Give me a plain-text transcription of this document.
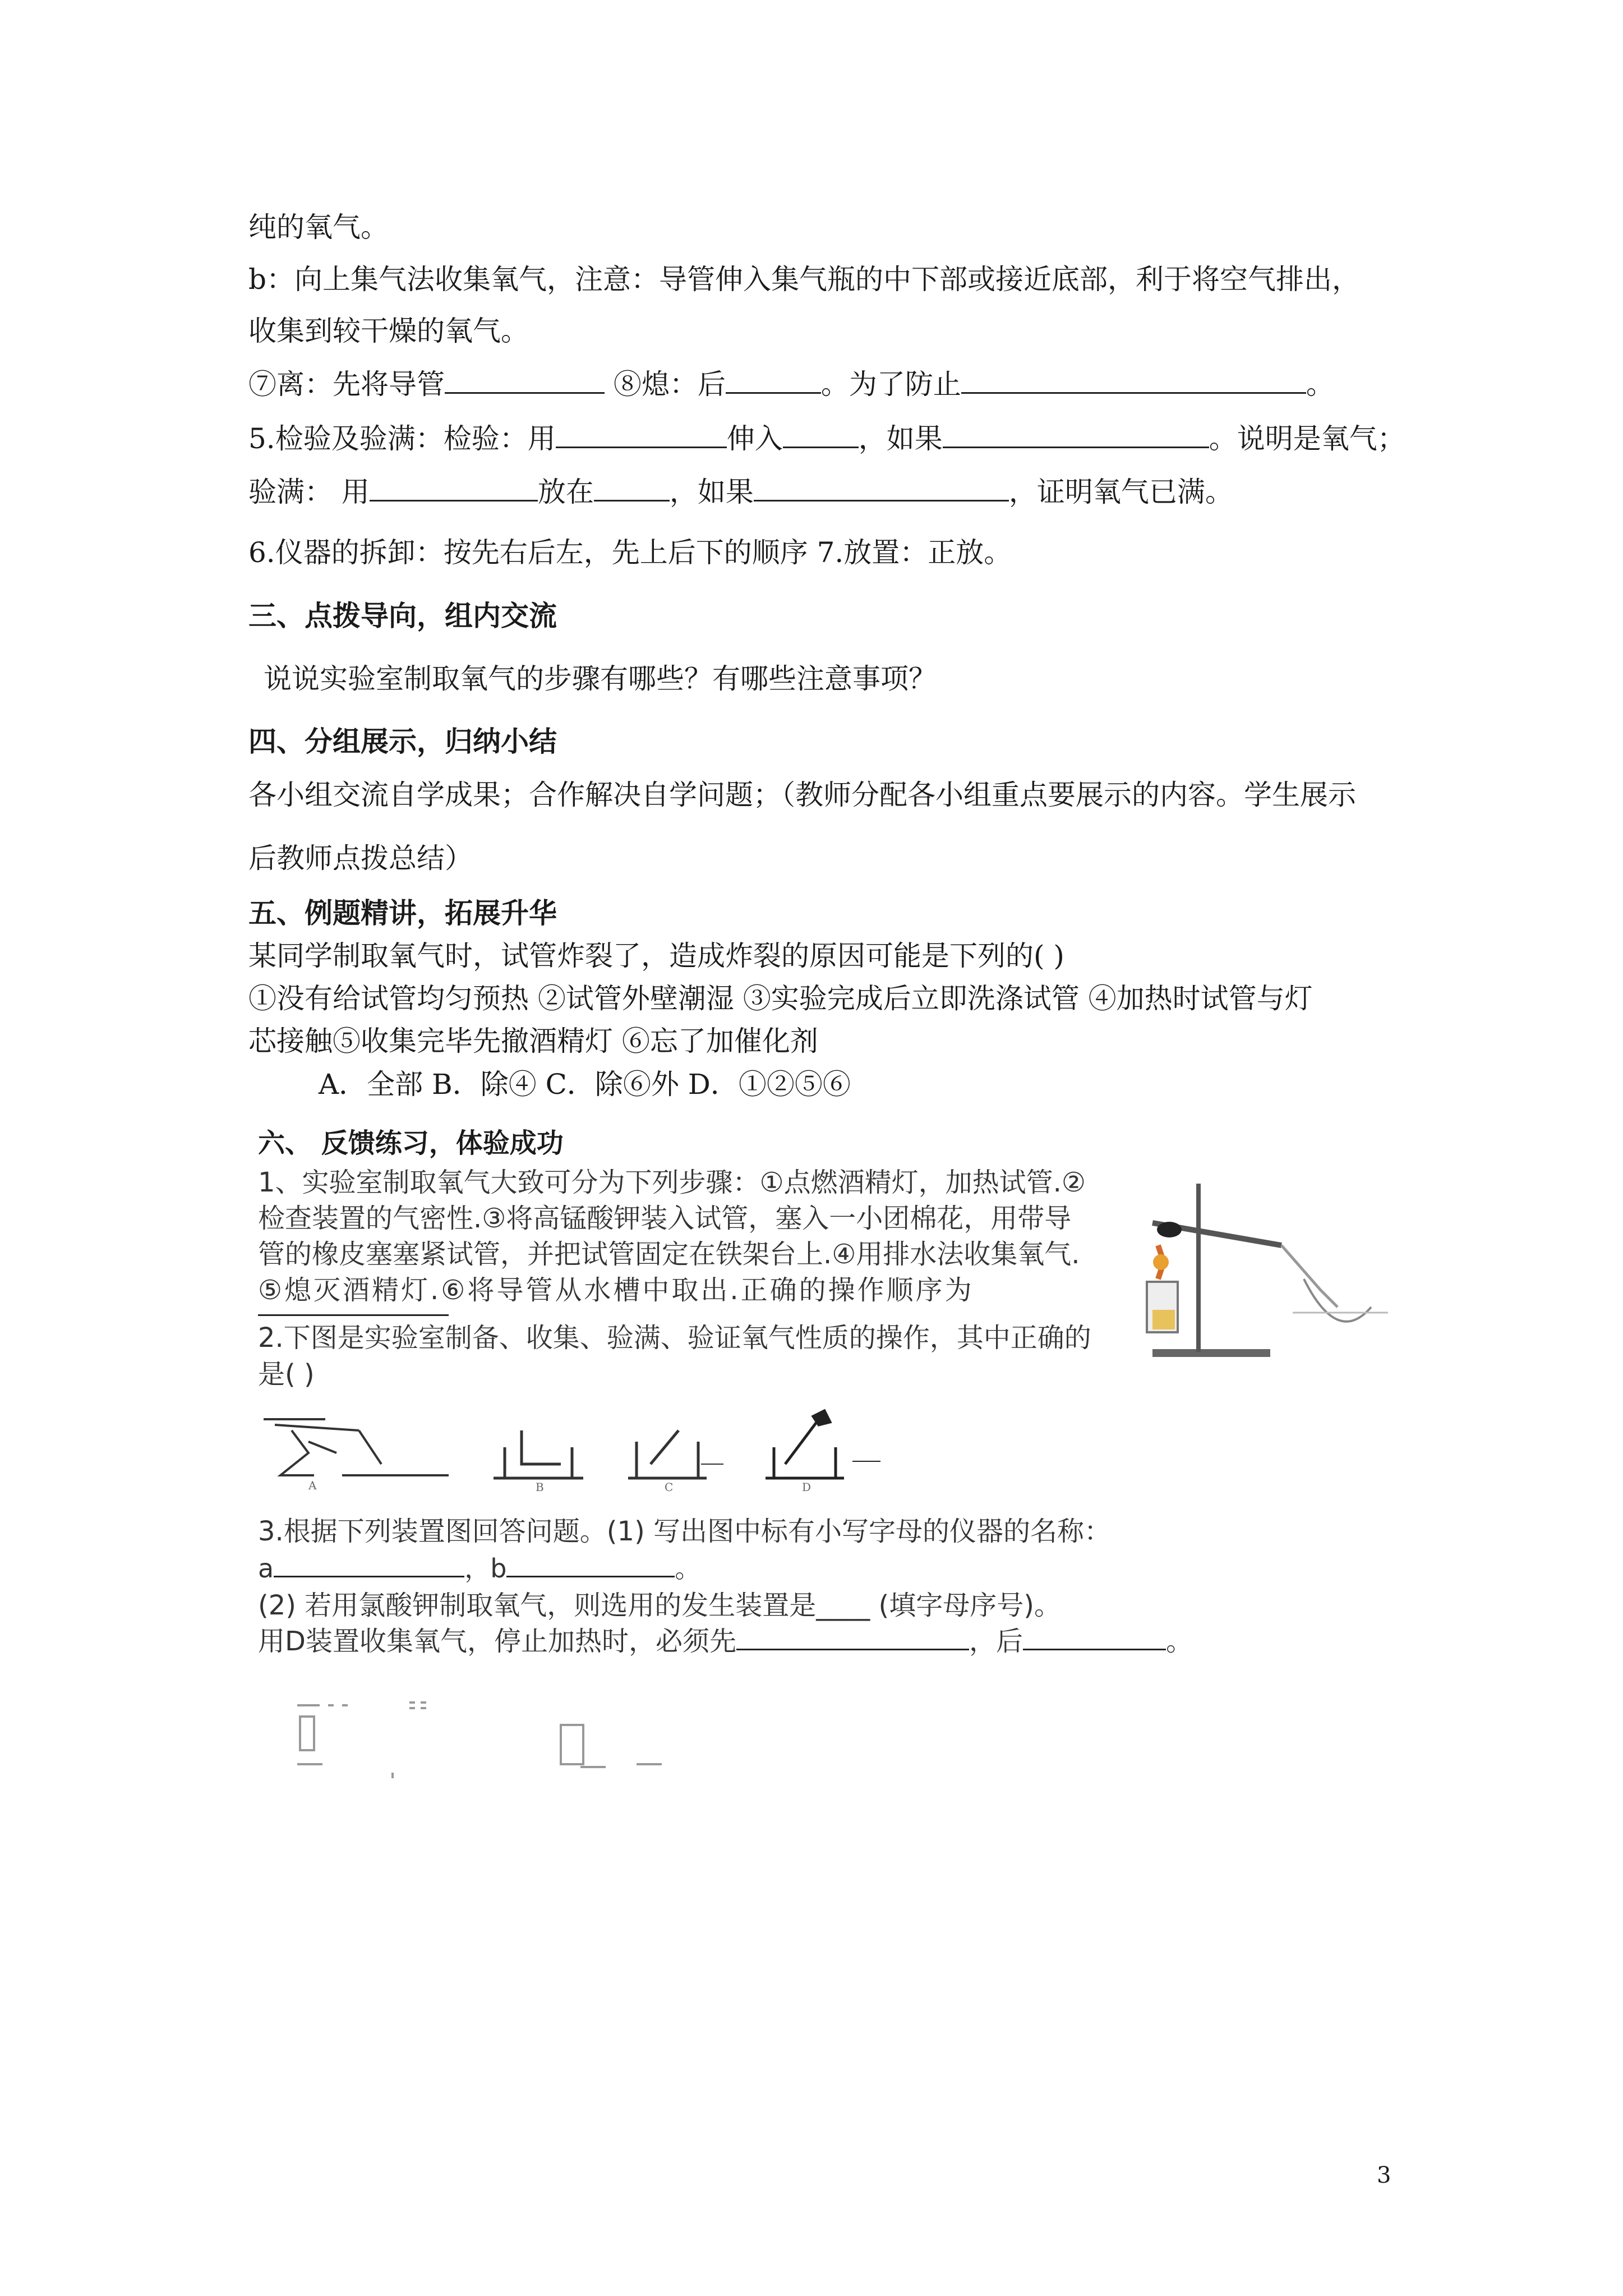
纯的氧气。
b：向上集气法收集氧气，注意：导管伸入集气瓶的中下部或接近底部，利于将空气排出，
收集到较干燥的氧气。
⑦离：先将导管	⑧熄：后	。为了防止	。
5.检验及验满：检验：用	伸入	，如果	。说明是氧气；
验满： 用	放在	，如果	，证明氧气已满。
6.仪器的拆卸：按先右后左，先上后下的顺序 7.放置：正放。
三、点拨导向，组内交流
说说实验室制取氧气的步骤有哪些？有哪些注意事项？
四、分组展示，归纳小结
各小组交流自学成果；合作解决自学问题；（教师分配各小组重点要展示的内容。学生展示
后教师点拨总结）
五、例题精讲，拓展升华
某同学制取氧气时，试管炸裂了，造成炸裂的原因可能是下列的( )
①没有给试管均匀预热 ②试管外壁潮湿 ③实验完成后立即洗涤试管 ④加热时试管与灯
芯接触⑤收集完毕先撤酒精灯 ⑥忘了加催化剂
A．全部 B．除④ C．除⑥外 D．①②⑤⑥
六、 反馈练习，体验成功
1、实验室制取氧气大致可分为下列步骤：①点燃酒精灯，加热试管.②
检查装置的气密性.③将高锰酸钾装入试管，塞入一小团棉花，用带导
管的橡皮塞塞紧试管，并把试管固定在铁架台上.④用排水法收集氧气.
⑤熄灭酒精灯.⑥将导管从水槽中取出.正确的操作顺序为
2.下图是实验室制备、收集、验满、验证氧气性质的操作，其中正确的
是( )
A	B	C	D
3.根据下列装置图回答问题。(1) 写出图中标有小写字母的仪器的名称：
a	，b	。
(2) 若用氯酸钾制取氧气，则选用的发生装置是____ (填字母序号)。
用D装置收集氧气，停止加热时，必须先	，后	。
3
